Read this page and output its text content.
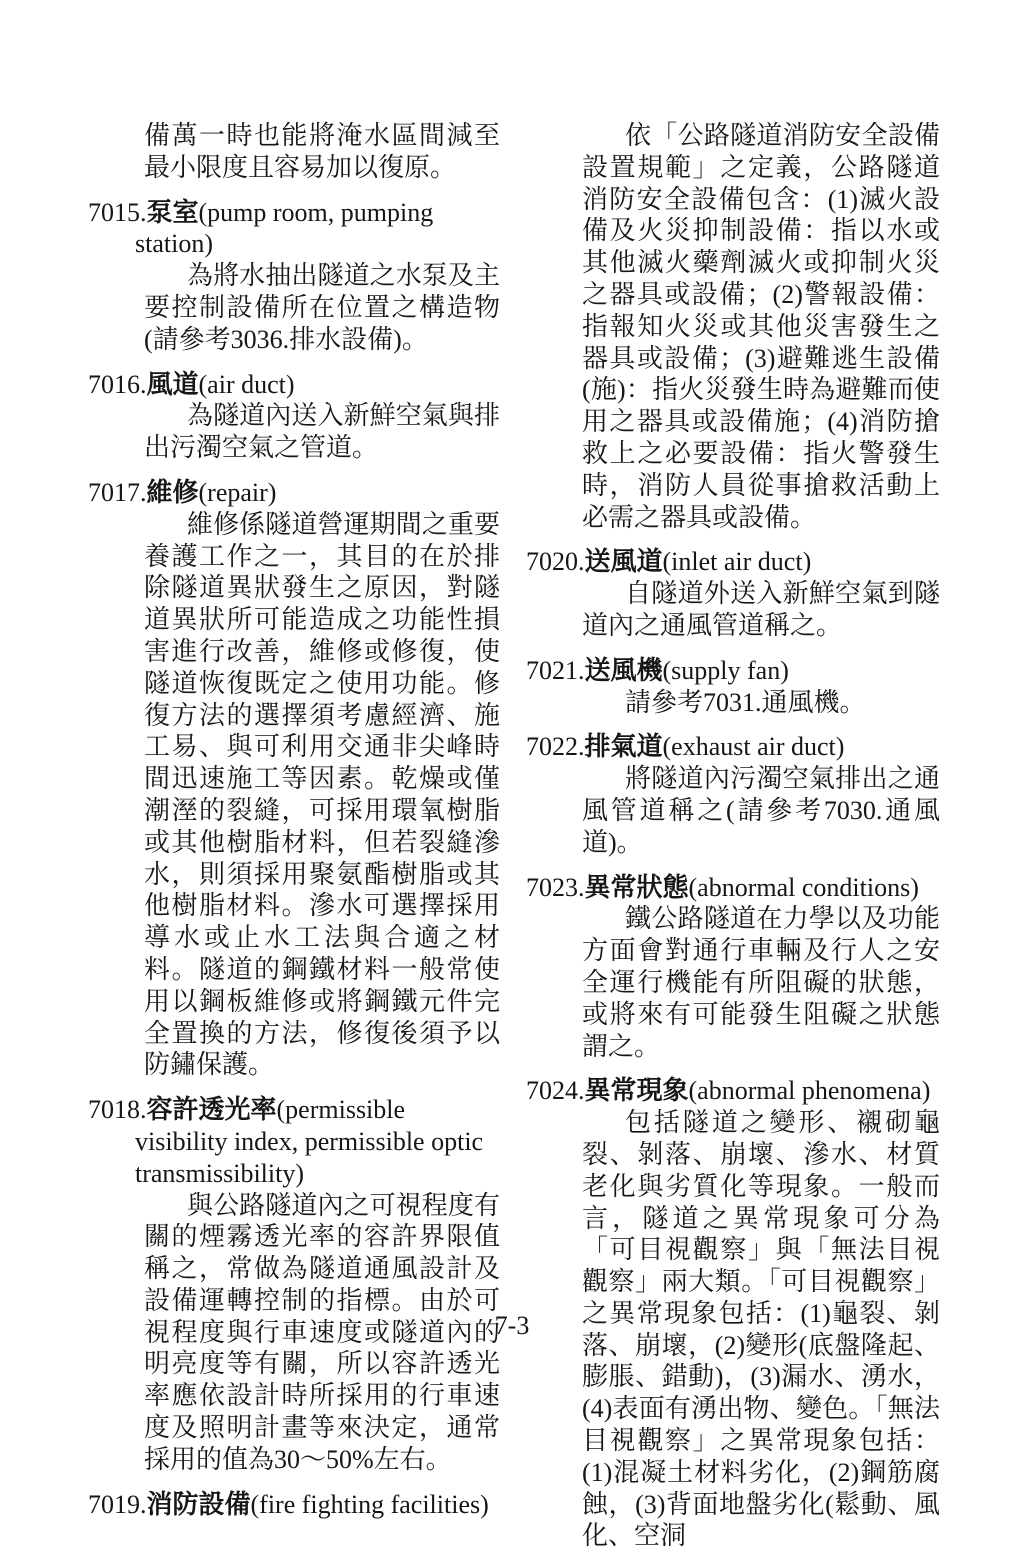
備萬一時也能將淹水區間減至最小限度且容易加以復原。

7015.泵室(pump room, pumping station)

為將水抽出隧道之水泵及主要控制設備所在位置之構造物(請參考3036.排水設備)。

7016.風道(air duct)

為隧道內送入新鮮空氣與排出污濁空氣之管道。

7017.維修(repair)

維修係隧道營運期間之重要養護工作之一，其目的在於排除隧道異狀發生之原因，對隧道異狀所可能造成之功能性損害進行改善，維修或修復，使隧道恢復既定之使用功能。修復方法的選擇須考慮經濟、施工易、與可利用交通非尖峰時間迅速施工等因素。乾燥或僅潮溼的裂縫，可採用環氧樹脂或其他樹脂材料，但若裂縫滲水，則須採用聚氨酯樹脂或其他樹脂材料。滲水可選擇採用導水或止水工法與合適之材料。隧道的鋼鐵材料一般常使用以鋼板維修或將鋼鐵元件完全置換的方法，修復後須予以防鏽保護。

7018.容許透光率(permissible visibility index, permissible optic transmissibility)

與公路隧道內之可視程度有關的煙霧透光率的容許界限值稱之，常做為隧道通風設計及設備運轉控制的指標。由於可視程度與行車速度或隧道內的明亮度等有關，所以容許透光率應依設計時所採用的行車速度及照明計畫等來決定，通常採用的值為30～50%左右。

7019.消防設備(fire fighting facilities)

依「公路隧道消防安全設備設置規範」之定義，公路隧道消防安全設備包含：(1)滅火設備及火災抑制設備：指以水或其他滅火藥劑滅火或抑制火災之器具或設備；(2)警報設備：指報知火災或其他災害發生之器具或設備；(3)避難逃生設備(施)：指火災發生時為避難而使用之器具或設備施；(4)消防搶救上之必要設備：指火警發生時，消防人員從事搶救活動上必需之器具或設備。

7020.送風道(inlet air duct)

自隧道外送入新鮮空氣到隧道內之通風管道稱之。

7021.送風機(supply fan)

請參考7031.通風機。

7022.排氣道(exhaust air duct)

將隧道內污濁空氣排出之通風管道稱之(請參考7030.通風道)。

7023.異常狀態(abnormal conditions)

鐵公路隧道在力學以及功能方面會對通行車輛及行人之安全運行機能有所阻礙的狀態，或將來有可能發生阻礙之狀態謂之。

7024.異常現象(abnormal phenomena)

包括隧道之變形、襯砌龜裂、剝落、崩壞、滲水、材質老化與劣質化等現象。一般而言，隧道之異常現象可分為「可目視觀察」與「無法目視觀察」兩大類。「可目視觀察」之異常現象包括：(1)龜裂、剝落、崩壞，(2)變形(底盤隆起、膨脹、錯動)，(3)漏水、湧水，(4)表面有湧出物、變色。「無法目視觀察」之異常現象包括：(1)混凝土材料劣化，(2)鋼筋腐蝕，(3)背面地盤劣化(鬆動、風化、空洞

7-3
